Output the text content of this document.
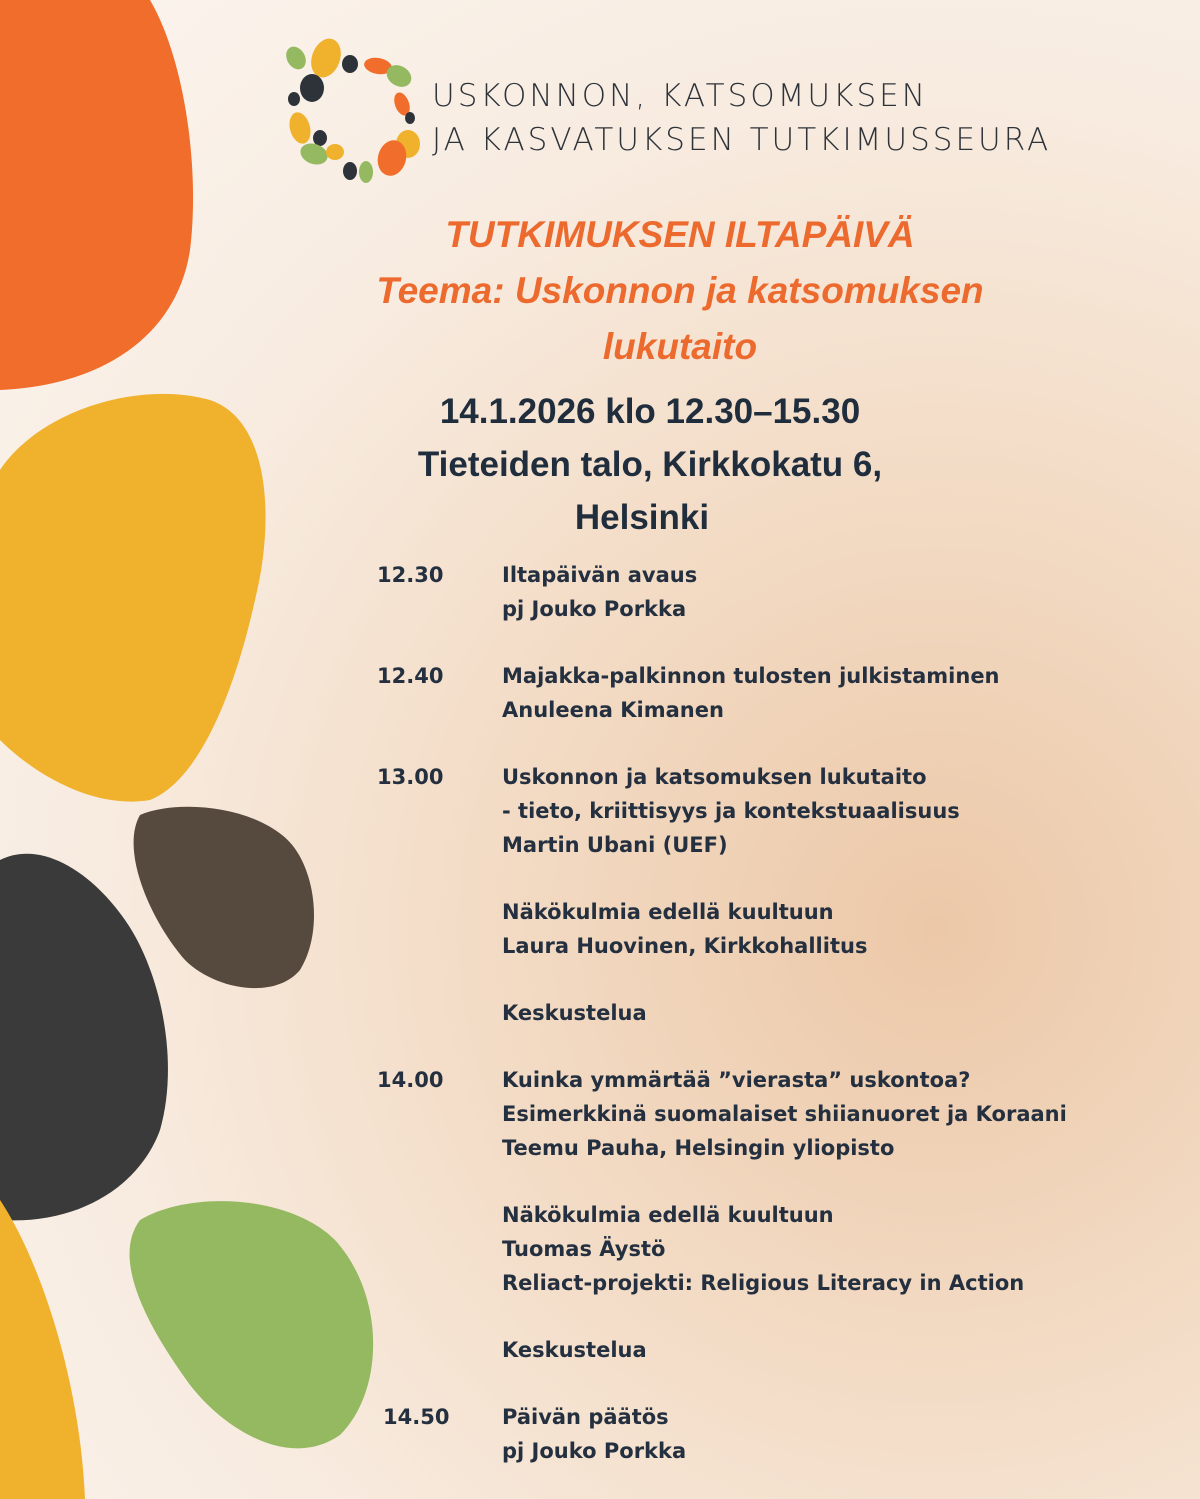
USKONNON, KATSOMUKSEN
JA KASVATUKSEN TUTKIMUSSEURA
TUTKIMUKSEN ILTAPÄIVÄ
Teema: Uskonnon ja katsomuksen
lukutaito
14.1.2026 klo 12.30–15.30
Tieteiden talo, Kirkkokatu 6,
Helsinki
12.30
12.40
13.00
14.00
14.50
Iltapäivän avaus
pj Jouko Porkka
Majakka-palkinnon tulosten julkistaminen
Anuleena Kimanen
Uskonnon ja katsomuksen lukutaito
- tieto, kriittisyys ja kontekstuaalisuus
Martin Ubani (UEF)
Näkökulmia edellä kuultuun
Laura Huovinen, Kirkkohallitus
Keskustelua
Kuinka ymmärtää ”vierasta” uskontoa?
Esimerkkinä suomalaiset shiianuoret ja Koraani
Teemu Pauha, Helsingin yliopisto
Näkökulmia edellä kuultuun
Tuomas Äystö
Reliact-projekti: Religious Literacy in Action
Keskustelua
Päivän päätös
pj Jouko Porkka
